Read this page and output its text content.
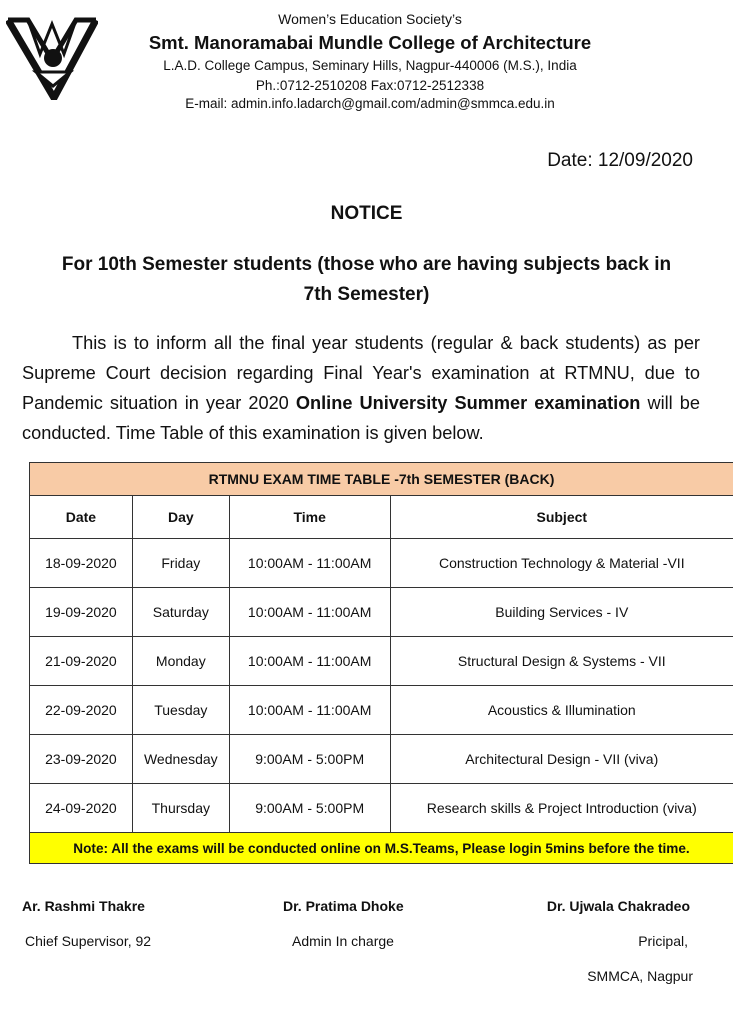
Women’s Education Society’s
Smt. Manoramabai Mundle College of Architecture
L.A.D. College Campus, Seminary Hills, Nagpur-440006 (M.S.), India
Ph.:0712-2510208 Fax:0712-2512338
E-mail: admin.info.ladarch@gmail.com/admin@smmca.edu.in
Date: 12/09/2020
NOTICE
For 10th Semester students (those who are having subjects back in
7th Semester)
This is to inform all the final year students (regular & back students) as per Supreme Court decision regarding Final Year's examination at RTMNU, due to Pandemic situation in year 2020 Online University Summer examination will be conducted. Time Table of this examination is given below.
RTMNU EXAM TIME TABLE -7th SEMESTER (BACK)			
Date	Day	Time	Subject
18-09-2020	Friday	10:00AM - 11:00AM	Construction Technology & Material -VII
19-09-2020	Saturday	10:00AM - 11:00AM	Building Services - IV
21-09-2020	Monday	10:00AM - 11:00AM	Structural Design & Systems - VII
22-09-2020	Tuesday	10:00AM - 11:00AM	Acoustics & Illumination
23-09-2020	Wednesday	9:00AM - 5:00PM	Architectural Design - VII (viva)
24-09-2020	Thursday	9:00AM - 5:00PM	Research skills & Project Introduction (viva)
Note: All the exams will be conducted online on M.S.Teams, Please login 5mins before the time.			
Ar. Rashmi Thakre
Chief Supervisor, 92
Dr. Pratima Dhoke
Admin In charge
Dr. Ujwala Chakradeo
Pricipal,
SMMCA, Nagpur
